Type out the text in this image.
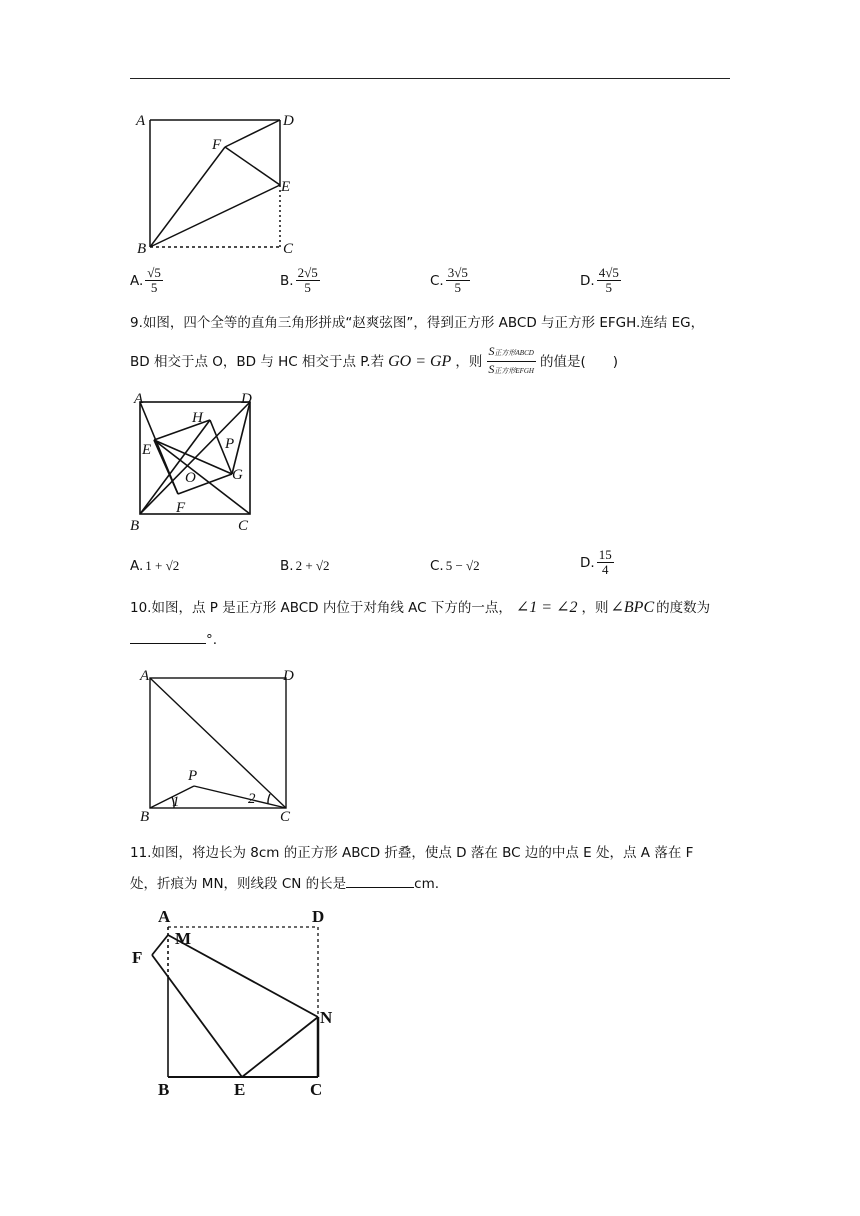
A	D
F
E
B	C
A. $\frac{√5}{5}$	B. $\frac{2√5}{5}$	C. $\frac{3√5}{5}$	D. $\frac{4√5}{5}$
9.如图，四个全等的直角三角形拼成“赵爽弦图”，得到正方形 ABCD 与正方形 EFGH.连结 EG，
BD 相交于点 O，BD 与 HC 相交于点 P.若 GO = GP ，则 $\frac{\text{S正方形ABCD}}{\text{S正方形EFGH}}$ 的值是(　　)
A	D
H
P
E
O G
F
B	C
A. 1 + √2	B. 2 + √2	C. 5 − √2	D. $\frac{15}{4}$
10.如图，点 P 是正方形 ABCD 内位于对角线 AC 下方的一点， ∠1 = ∠2 ，则 ∠BPC 的度数为
°.
A	D
P
1	2
B	C
11.如图，将边长为 8cm 的正方形 ABCD 折叠，使点 D 落在 BC 边的中点 E 处，点 A 落在 F
处，折痕为 MN，则线段 CN 的长是	cm.
A	D
M
F
N
B	E	C
